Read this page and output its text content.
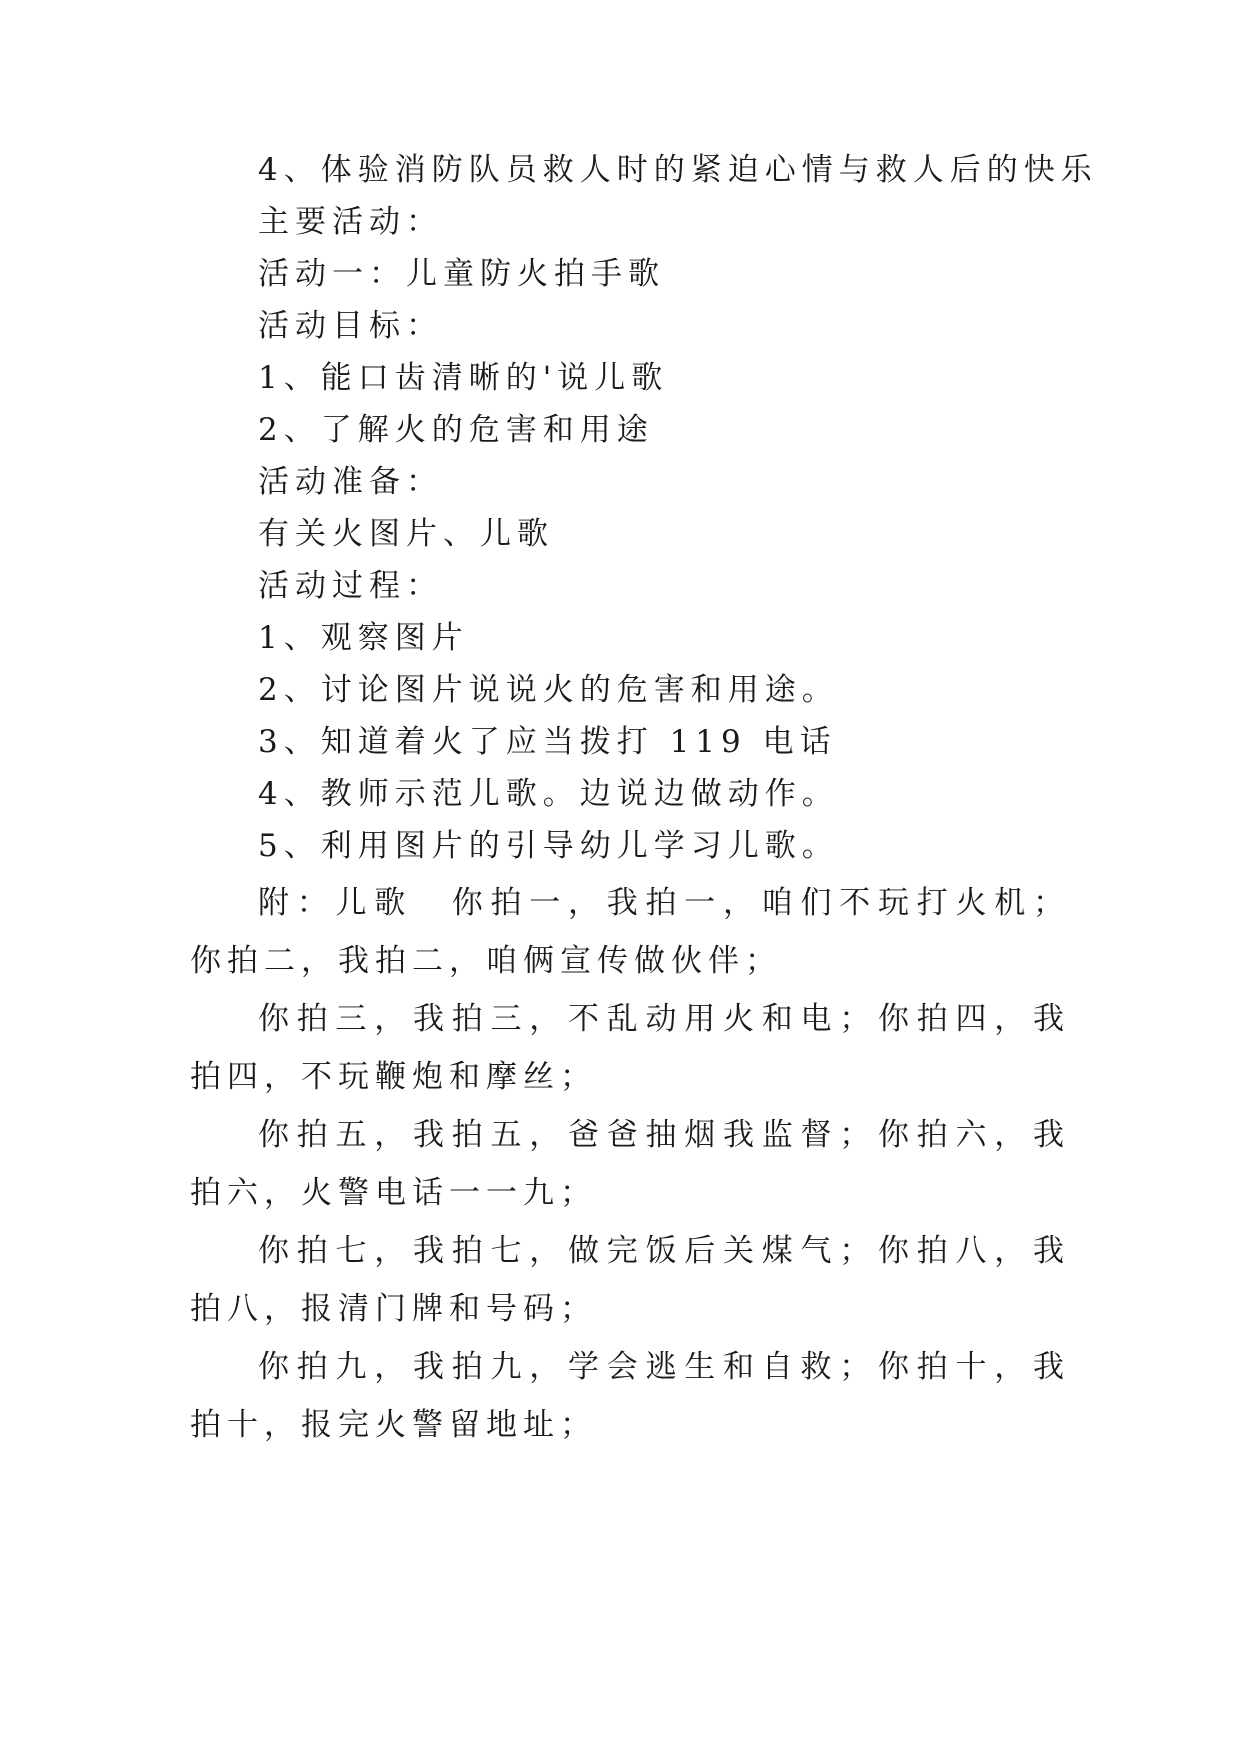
4、体验消防队员救人时的紧迫心情与救人后的快乐
主要活动：
活动一：儿童防火拍手歌
活动目标：
1、能口齿清晰的'说儿歌
2、了解火的危害和用途
活动准备：
有关火图片、儿歌
活动过程：
1、观察图片
2、讨论图片说说火的危害和用途。
3、知道着火了应当拨打 119 电话
4、教师示范儿歌。边说边做动作。
5、利用图片的引导幼儿学习儿歌。

附：儿歌　你拍一，我拍一，咱们不玩打火机；你拍二，我拍二，咱俩宣传做伙伴；

你拍三，我拍三，不乱动用火和电；你拍四，我拍四，不玩鞭炮和摩丝；

你拍五，我拍五，爸爸抽烟我监督；你拍六，我拍六，火警电话一一九；

你拍七，我拍七，做完饭后关煤气；你拍八，我拍八，报清门牌和号码；

你拍九，我拍九，学会逃生和自救；你拍十，我拍十，报完火警留地址；
